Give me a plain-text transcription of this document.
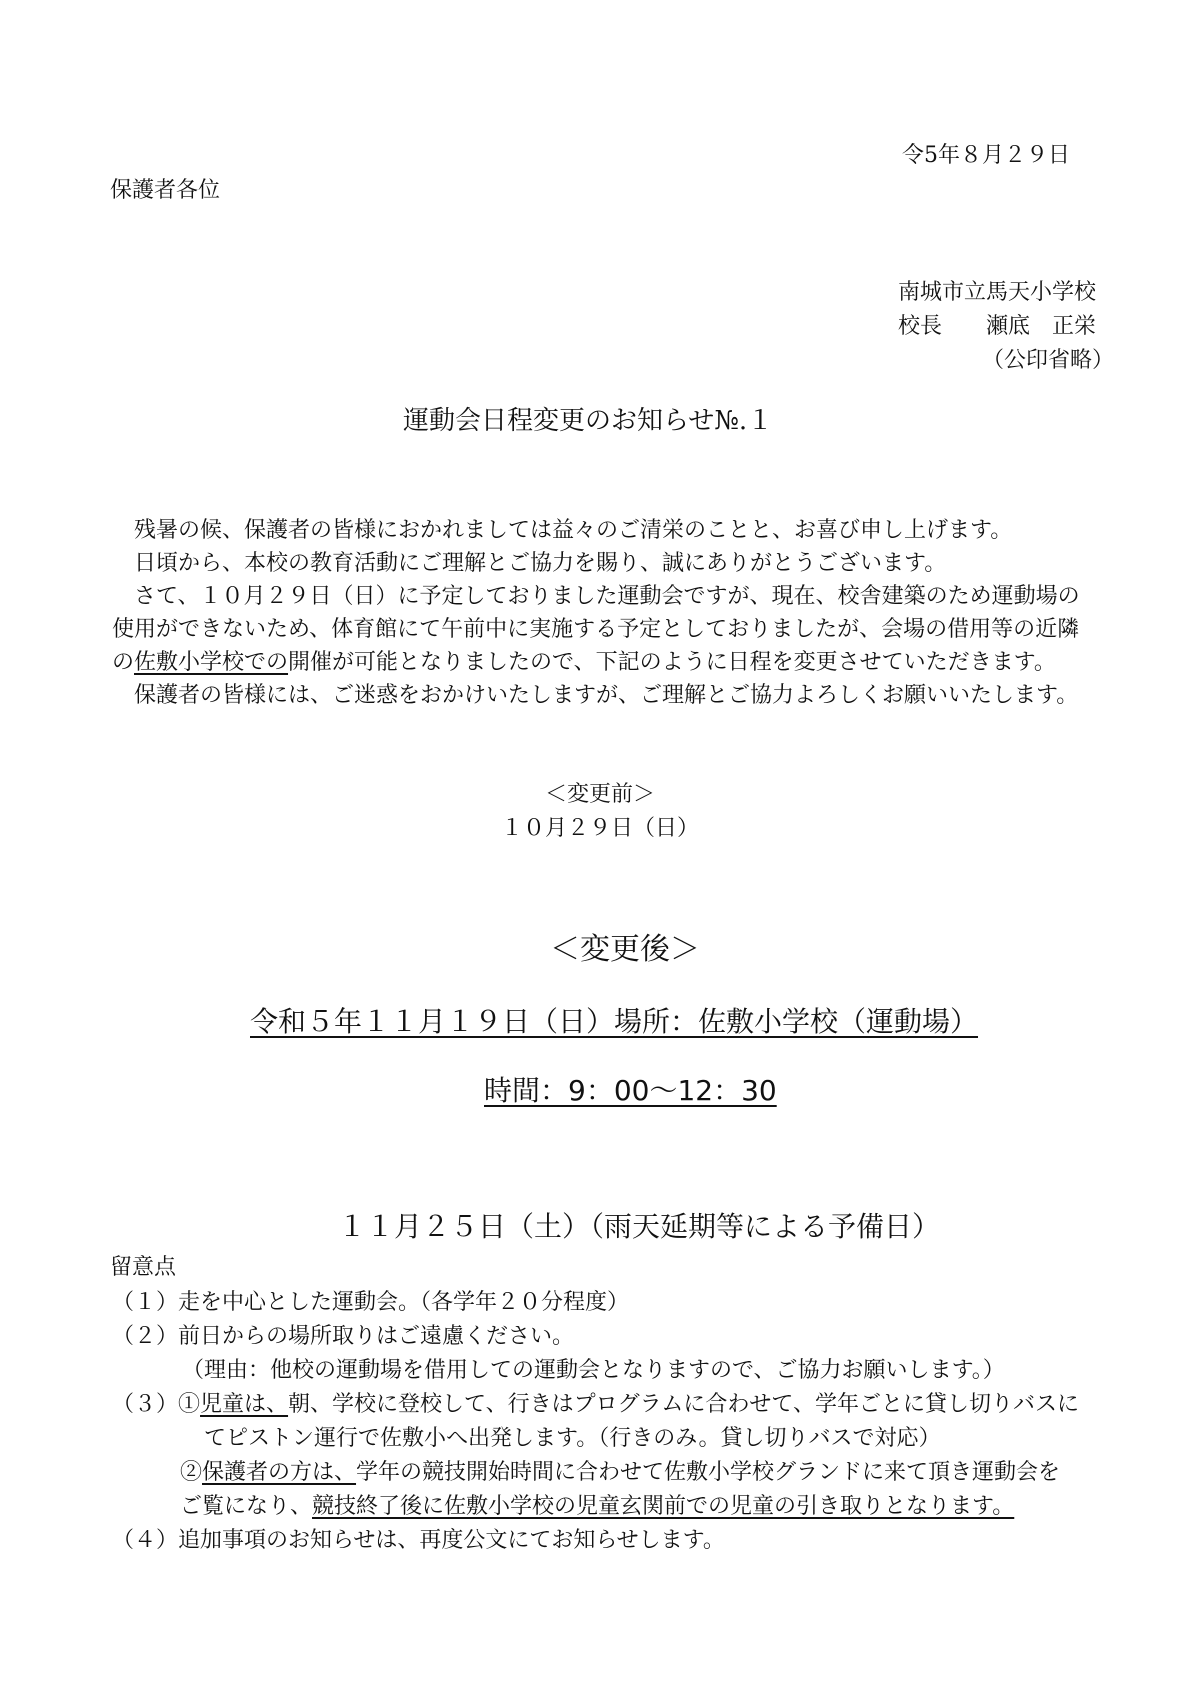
令5年８月２９日
保護者各位
南城市立馬天小学校
校長 瀬底　正栄
（公印省略）
運動会日程変更のお知らせ№.１
残暑の候、保護者の皆様におかれましては益々のご清栄のことと、お喜び申し上げます。
日頃から、本校の教育活動にご理解とご協力を賜り、誠にありがとうございます。
さて、１０月２９日（日）に予定しておりました運動会ですが、現在、校舎建築のため運動場の
使用ができないため、体育館にて午前中に実施する予定としておりましたが、会場の借用等の近隣
の佐敷小学校での開催が可能となりましたので、下記のように日程を変更させていただきます。
保護者の皆様には、ご迷惑をおかけいたしますが、ご理解とご協力よろしくお願いいたします。
＜変更前＞
１０月２９日（日）
＜変更後＞
令和５年１１月１９日（日）場所：佐敷小学校（運動場）
時間：9：00～12：30
１１月２５日（土）（雨天延期等による予備日）
留意点
（１）走を中心とした運動会。（各学年２０分程度）
（２）前日からの場所取りはご遠慮ください。
（理由：他校の運動場を借用しての運動会となりますので、ご協力お願いします。）
（３）①児童は、朝、学校に登校して、行きはプログラムに合わせて、学年ごとに貸し切りバスに
てピストン運行で佐敷小へ出発します。（行きのみ。貸し切りバスで対応）
②保護者の方は、学年の競技開始時間に合わせて佐敷小学校グランドに来て頂き運動会を
ご覧になり、競技終了後に佐敷小学校の児童玄関前での児童の引き取りとなります。
（４）追加事項のお知らせは、再度公文にてお知らせします。
